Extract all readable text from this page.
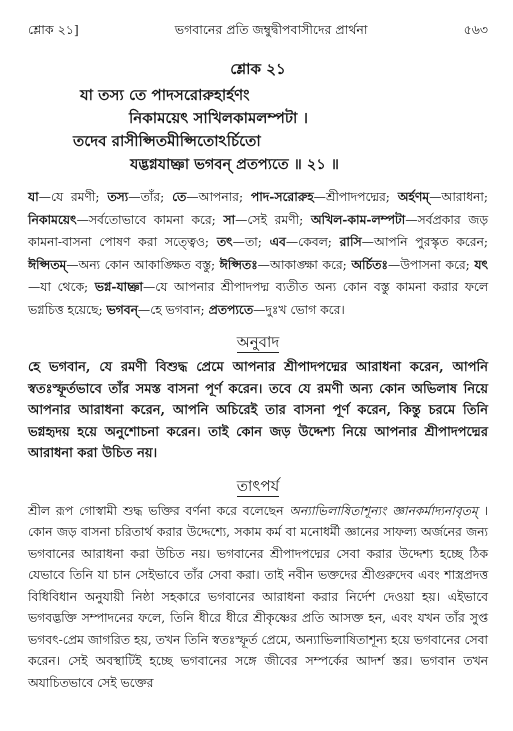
শ্লোক ২১]	ভগবানের প্রতি জম্বুদ্বীপবাসীদের প্রার্থনা	৫৬৩
শ্লোক ২১
যা তস্য তে পাদসরোরুহার্হণং
নিকাময়েৎ সাখিলকামলম্পটা ।
তদেব রাসীপ্সিতমীপ্সিতোঽর্চিতো
যদ্ভগ্নযাচ্ঞা ভগবন্ প্রতপ্যতে ॥ ২১ ॥
যা—যে রমণী; তস্য—তাঁর; তে—আপনার; পাদ-সরোরুহ—শ্রীপাদপদ্মের; অর্হণম্—আরাধনা; নিকাময়েৎ—সর্বতোভাবে কামনা করে; সা—সেই রমণী; অখিল-কাম-লম্পটা—সর্বপ্রকার জড় কামনা-বাসনা পোষণ করা সত্ত্বেও; তৎ—তা; এব—কেবল; রাসি—আপনি পুরস্কৃত করেন; ঈপ্সিতম্—অন্য কোন আকাঙ্ক্ষিত বস্তু; ঈপ্সিতঃ—আকাঙ্ক্ষা করে; অর্চিতঃ—উপাসনা করে; যৎ—যা থেকে; ভগ্ন-যাচ্ঞা—যে আপনার শ্রীপাদপদ্ম ব্যতীত অন্য কোন বস্তু কামনা করার ফলে ভগ্নচিত্ত হয়েছে; ভগবন্—হে ভগবান; প্রতপ্যতে—দুঃখ ভোগ করে।
অনুবাদ
হে ভগবান, যে রমণী বিশুদ্ধ প্রেমে আপনার শ্রীপাদপদ্মের আরাধনা করেন, আপনি স্বতঃস্ফূর্তভাবে তাঁর সমস্ত বাসনা পূর্ণ করেন। তবে যে রমণী অন্য কোন অভিলাষ নিয়ে আপনার আরাধনা করেন, আপনি অচিরেই তার বাসনা পূর্ণ করেন, কিন্তু চরমে তিনি ভগ্নহৃদয় হয়ে অনুশোচনা করেন। তাই কোন জড় উদ্দেশ্য নিয়ে আপনার শ্রীপাদপদ্মের আরাধনা করা উচিত নয়।
তাৎপর্য
শ্রীল রূপ গোস্বামী শুদ্ধ ভক্তির বর্ণনা করে বলেছেন অন্যাভিলাষিতাশূন্যং জ্ঞানকর্মাদ্যনাবৃতম্ । কোন জড় বাসনা চরিতার্থ করার উদ্দেশ্যে, সকাম কর্ম বা মনোধর্মী জ্ঞানের সাফল্য অর্জনের জন্য ভগবানের আরাধনা করা উচিত নয়। ভগবানের শ্রীপাদপদ্মের সেবা করার উদ্দেশ্য হচ্ছে ঠিক যেভাবে তিনি যা চান সেইভাবে তাঁর সেবা করা। তাই নবীন ভক্তদের শ্রীগুরুদেব এবং শাস্ত্রপ্রদত্ত বিধিবিধান অনুযায়ী নিষ্ঠা সহকারে ভগবানের আরাধনা করার নির্দেশ দেওয়া হয়। এইভাবে ভগবদ্ভক্তি সম্পাদনের ফলে, তিনি ধীরে ধীরে শ্রীকৃষ্ণের প্রতি আসক্ত হন, এবং যখন তাঁর সুপ্ত ভগবৎ-প্রেম জাগরিত হয়, তখন তিনি স্বতঃস্ফূর্ত প্রেমে, অন্যাভিলাষিতাশূন্য হয়ে ভগবানের সেবা করেন। সেই অবস্থাটিই হচ্ছে ভগবানের সঙ্গে জীবের সম্পর্কের আদর্শ স্তর। ভগবান তখন অযাচিতভাবে সেই ভক্তের
